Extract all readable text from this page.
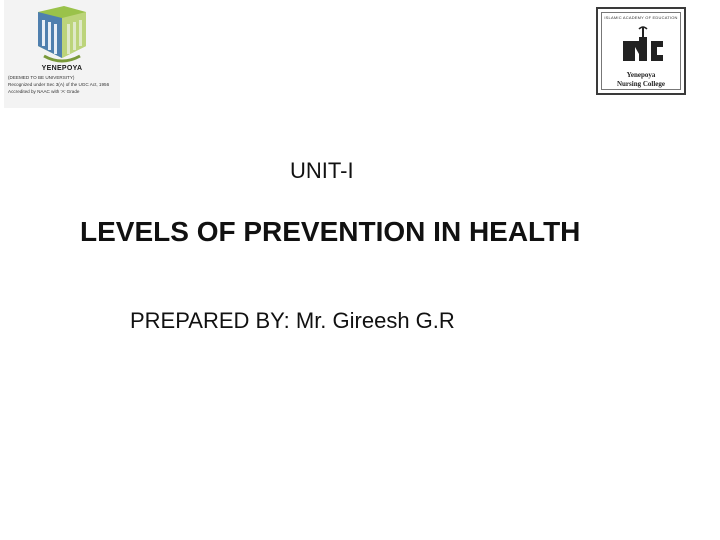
YENEPOYA
(DEEMED TO BE UNIVERSITY)
Recognized under Sec 3(A) of the UGC Act, 1956
Accredited by NAAC with 'A' Grade
ISLAMIC ACADEMY OF EDUCATION
Yenepoya
Nursing College
UNIT-I
LEVELS OF PREVENTION IN HEALTH
PREPARED BY: Mr. Gireesh G.R
